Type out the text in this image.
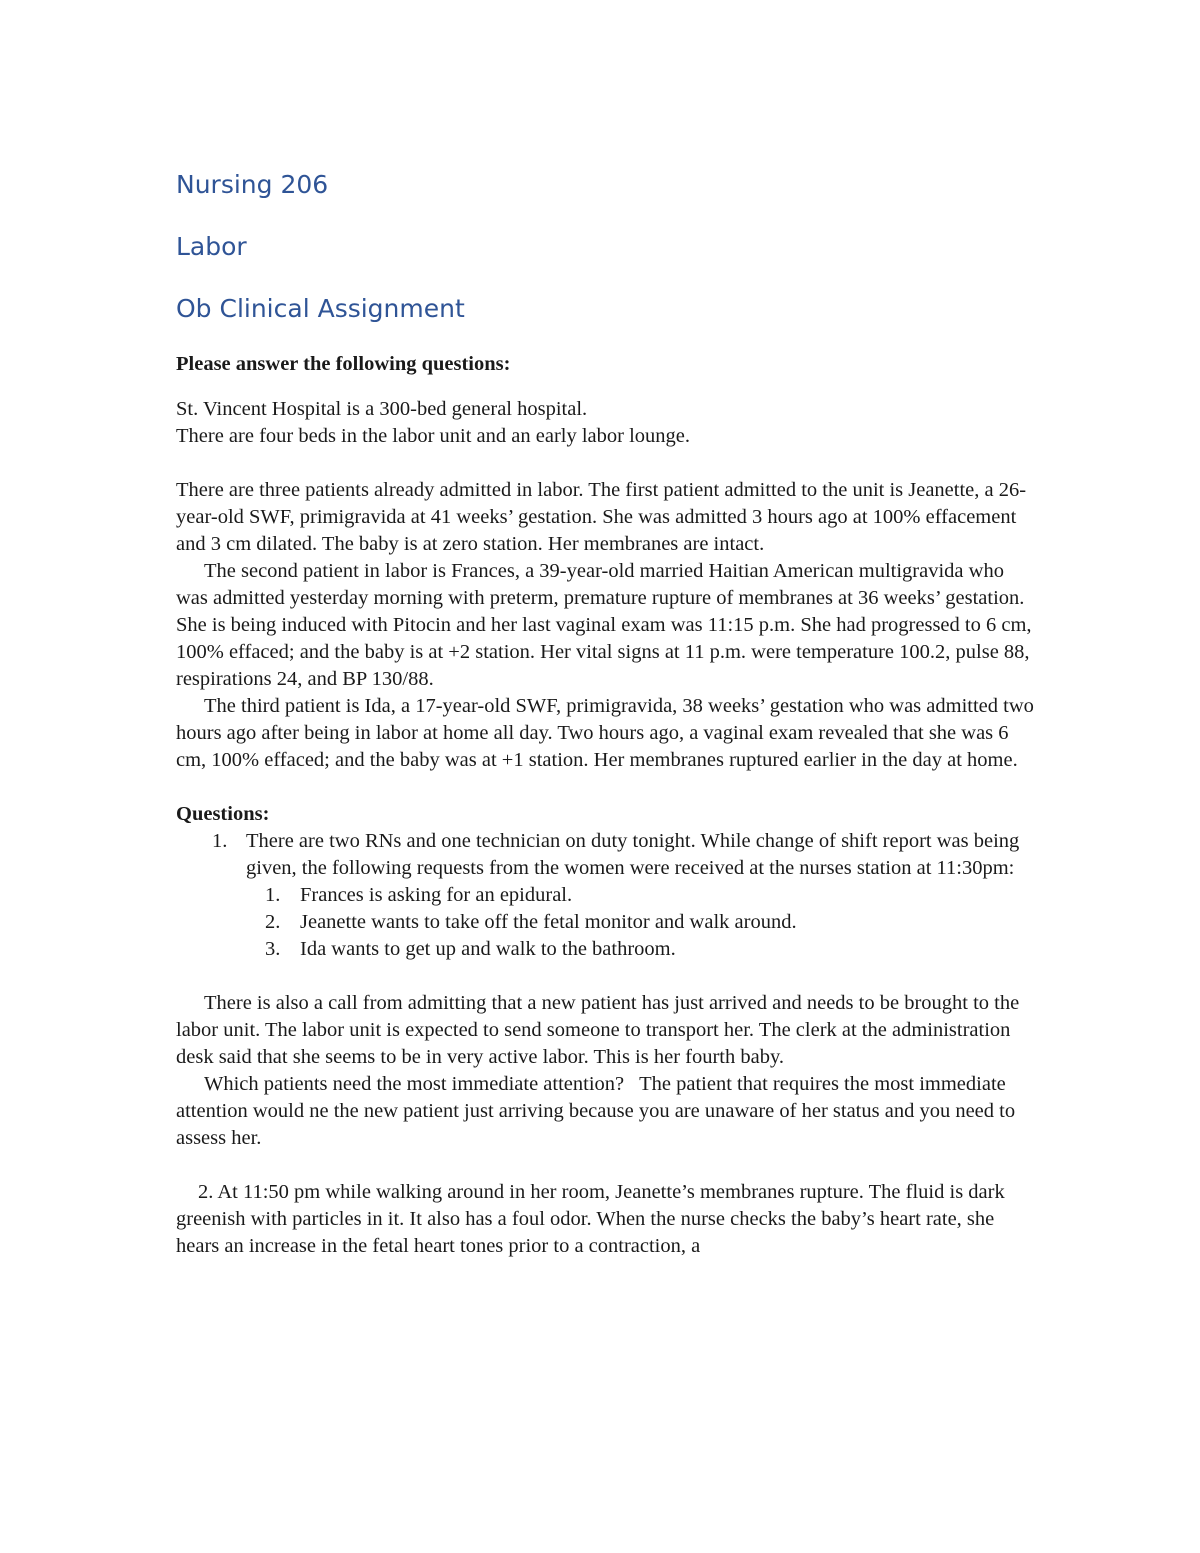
Nursing 206
Labor
Ob Clinical Assignment

Please answer the following questions:

St. Vincent Hospital is a 300-bed general hospital.

There are four beds in the labor unit and an early labor lounge.

There are three patients already admitted in labor. The first patient admitted to the unit is Jeanette, a 26-year-old SWF, primigravida at 41 weeks’ gestation. She was admitted 3 hours ago at 100% effacement and 3 cm dilated. The baby is at zero station. Her membranes are intact.

The second patient in labor is Frances, a 39-year-old married Haitian American multigravida who was admitted yesterday morning with preterm, premature rupture of membranes at 36 weeks’ gestation. She is being induced with Pitocin and her last vaginal exam was 11:15 p.m. She had progressed to 6 cm, 100% effaced; and the baby is at +2 station. Her vital signs at 11 p.m. were temperature 100.2, pulse 88, respirations 24, and BP 130/88.

The third patient is Ida, a 17-year-old SWF, primigravida, 38 weeks’ gestation who was admitted two hours ago after being in labor at home all day. Two hours ago, a vaginal exam revealed that she was 6 cm, 100% effaced; and the baby was at +1 station. Her membranes ruptured earlier in the day at home.

Questions:

1. There are two RNs and one technician on duty tonight. While change of shift report was being given, the following requests from the women were received at the nurses station at 11:30pm:
1. Frances is asking for an epidural.
2. Jeanette wants to take off the fetal monitor and walk around.
3. Ida wants to get up and walk to the bathroom.

There is also a call from admitting that a new patient has just arrived and needs to be brought to the labor unit. The labor unit is expected to send someone to transport her. The clerk at the administration desk said that she seems to be in very active labor. This is her fourth baby.

Which patients need the most immediate attention? The patient that requires the most immediate attention would ne the new patient just arriving because you are unaware of her status and you need to assess her.

2. At 11:50 pm while walking around in her room, Jeanette’s membranes rupture. The fluid is dark greenish with particles in it. It also has a foul odor. When the nurse checks the baby’s heart rate, she hears an increase in the fetal heart tones prior to a contraction, a
